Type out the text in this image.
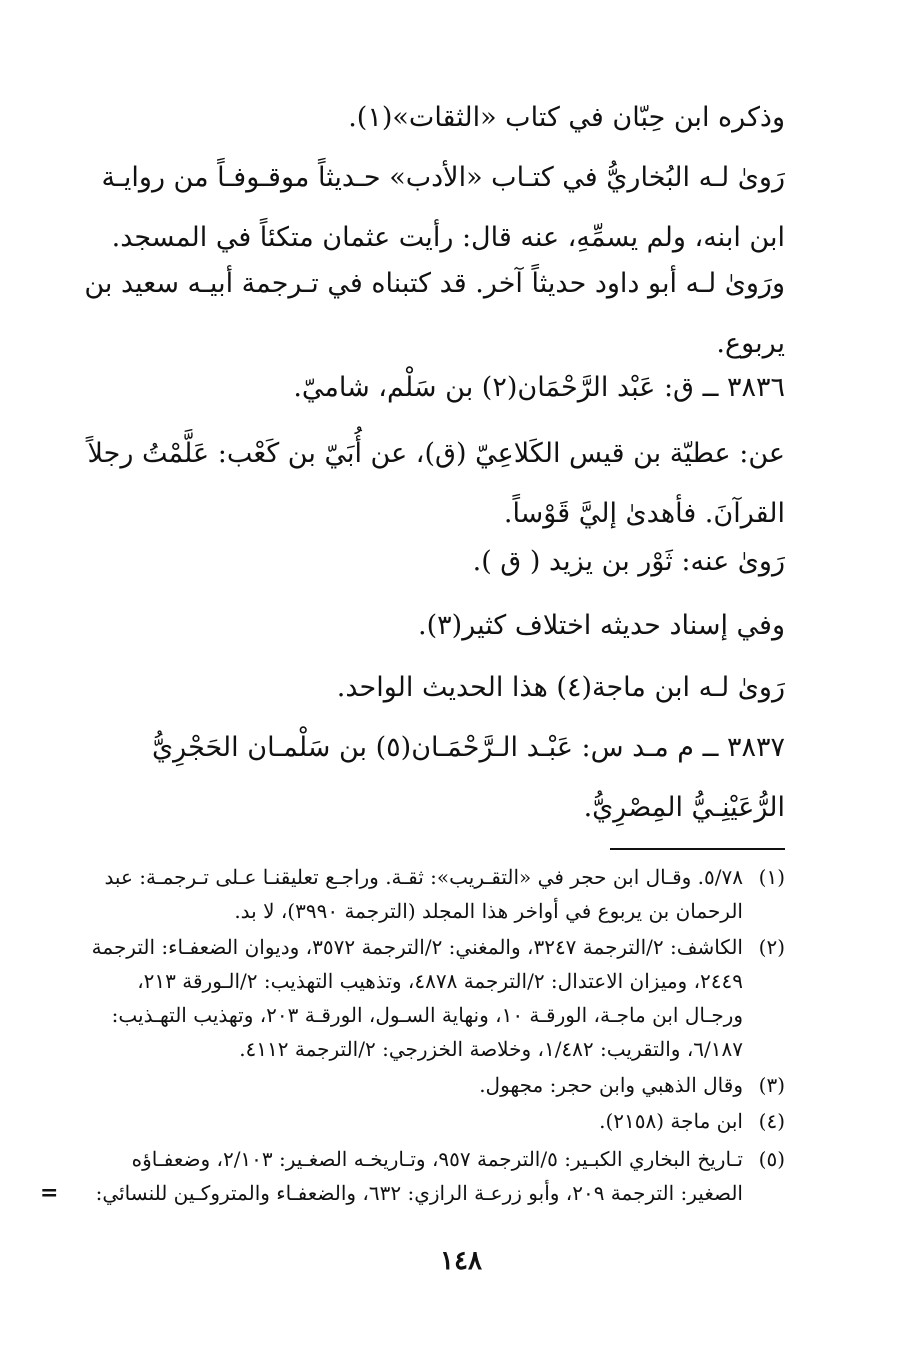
وذكره ابن حِبّان في كتاب «الثقات»(١).

رَوىٰ لـه البُخاريُّ في كتـاب «الأدب» حـديثاً موقـوفـاً من روايـة ابن ابنه، ولم يسمِّهِ، عنه قال: رأيت عثمان متكئاً في المسجد.

ورَوىٰ لـه أبو داود حديثاً آخر. قد كتبناه في تـرجمة أبيـه سعيد بن يربوع.

٣٨٣٦ ــ ق: عَبْد الرَّحْمَان(٢) بن سَلْم، شاميّ.

عن: عطيّة بن قيس الكَلاعِيّ (ق)، عن أُبَيّ بن كَعْب: عَلَّمْتُ رجلاً القرآنَ. فأهدىٰ إليَّ قَوْساً.

رَوىٰ عنه: ثَوْر بن يزيد ( ق ).

وفي إسناد حديثه اختلاف كثير(٣).

رَوىٰ لـه ابن ماجة(٤) هذا الحديث الواحد.

٣٨٣٧ ــ م مـد س: عَبْـد الـرَّحْمَـان(٥) بن سَلْمـان الحَجْرِيُّ الرُّعَيْنِـيُّ المِصْرِيُّ.

(١)
٥/٧٨. وقـال ابن حجر في «التقـريب»: ثقـة. وراجـع تعليقنـا عـلى تـرجمـة: عبد الرحمان بن يربوع في أواخر هذا المجلد (الترجمة ٣٩٩٠)، لا بد.
(٢)
الكاشف: ٢/الترجمة ٣٢٤٧، والمغني: ٢/الترجمة ٣٥٧٢، وديوان الضعفـاء: الترجمة ٢٤٤٩، وميزان الاعتدال: ٢/الترجمة ٤٨٧٨، وتذهيب التهذيب: ٢/الـورقة ٢١٣، ورجـال ابن ماجـة، الورقـة ١٠، ونهاية السـول، الورقـة ٢٠٣، وتهذيب التهـذيب: ٦/١٨٧، والتقريب: ١/٤٨٢، وخلاصة الخزرجي: ٢/الترجمة ٤١١٢.
(٣)
وقال الذهبي وابن حجر: مجهول.
(٤)
ابن ماجة (٢١٥٨).
(٥)
تـاريخ البخاري الكبـير: ٥/الترجمة ٩٥٧، وتـاريخـه الصغـير: ٢/١٠٣، وضعفـاؤه الصغير: الترجمة ٢٠٩، وأبو زرعـة الرازي: ٦٣٢، والضعفـاء والمتروكـين للنسائي:
=
١٤٨
